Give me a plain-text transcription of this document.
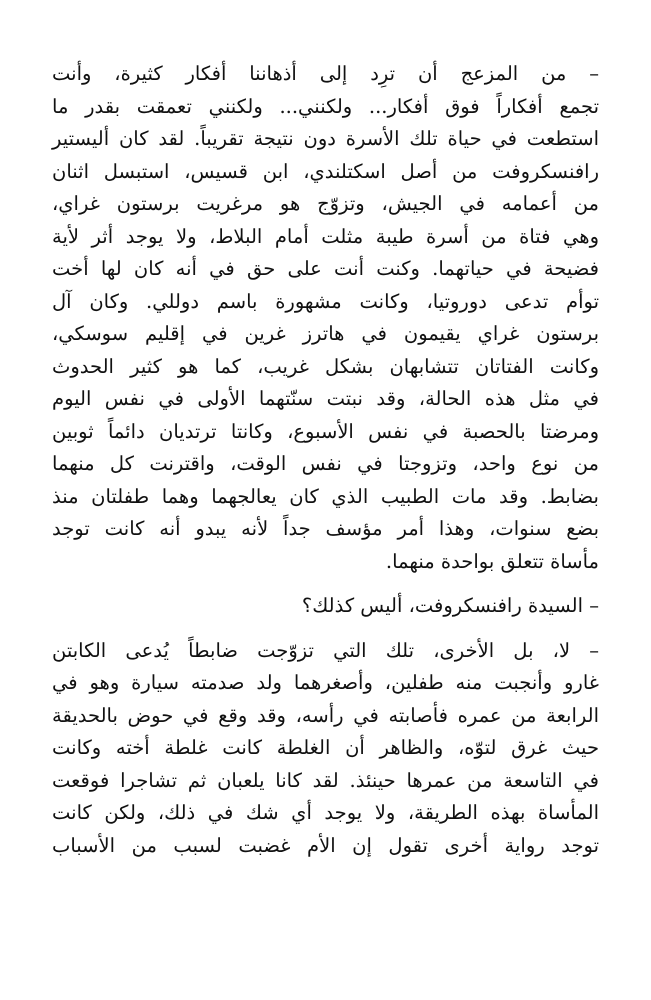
– من المزعج أن ترِد إلى أذهاننا أفكار كثيرة، وأنت
تجمع أفكاراً فوق أفكار... ولكنني... ولكنني تعمقت بقدر ما
استطعت في حياة تلك الأسرة دون نتيجة تقريباً. لقد كان أليستير
رافنسكروفت من أصل اسكتلندي، ابن قسيس، استبسل اثنان
من أعمامه في الجيش، وتزوّج هو مرغريت برستون غراي،
وهي فتاة من أسرة طيبة مثلت أمام البلاط، ولا يوجد أثر لأية
فضيحة في حياتهما. وكنت أنت على حق في أنه كان لها أخت
توأم تدعى دوروتيا، وكانت مشهورة باسم دوللي. وكان آل
برستون غراي يقيمون في هاترز غرين في إقليم سوسكي،
وكانت الفتاتان تتشابهان بشكل غريب، كما هو كثير الحدوث
في مثل هذه الحالة، وقد نبتت سنّتهما الأولى في نفس اليوم
ومرضتا بالحصبة في نفس الأسبوع، وكانتا ترتديان دائماً ثوبين
من نوع واحد، وتزوجتا في نفس الوقت، واقترنت كل منهما
بضابط. وقد مات الطبيب الذي كان يعالجهما وهما طفلتان منذ
بضع سنوات، وهذا أمر مؤسف جداً لأنه يبدو أنه كانت توجد
مأساة تتعلق بواحدة منهما.

– السيدة رافنسكروفت، أليس كذلك؟

– لا، بل الأخرى، تلك التي تزوّجت ضابطاً يُدعى الكابتن
غارو وأنجبت منه طفلين، وأصغرهما ولد صدمته سيارة وهو في
الرابعة من عمره فأصابته في رأسه، وقد وقع في حوض بالحديقة
حيث غرق لتوّه، والظاهر أن الغلطة كانت غلطة أخته وكانت
في التاسعة من عمرها حينئذ. لقد كانا يلعبان ثم تشاجرا فوقعت
المأساة بهذه الطريقة، ولا يوجد أي شك في ذلك، ولكن كانت
توجد رواية أخرى تقول إن الأم غضبت لسبب من الأسباب
